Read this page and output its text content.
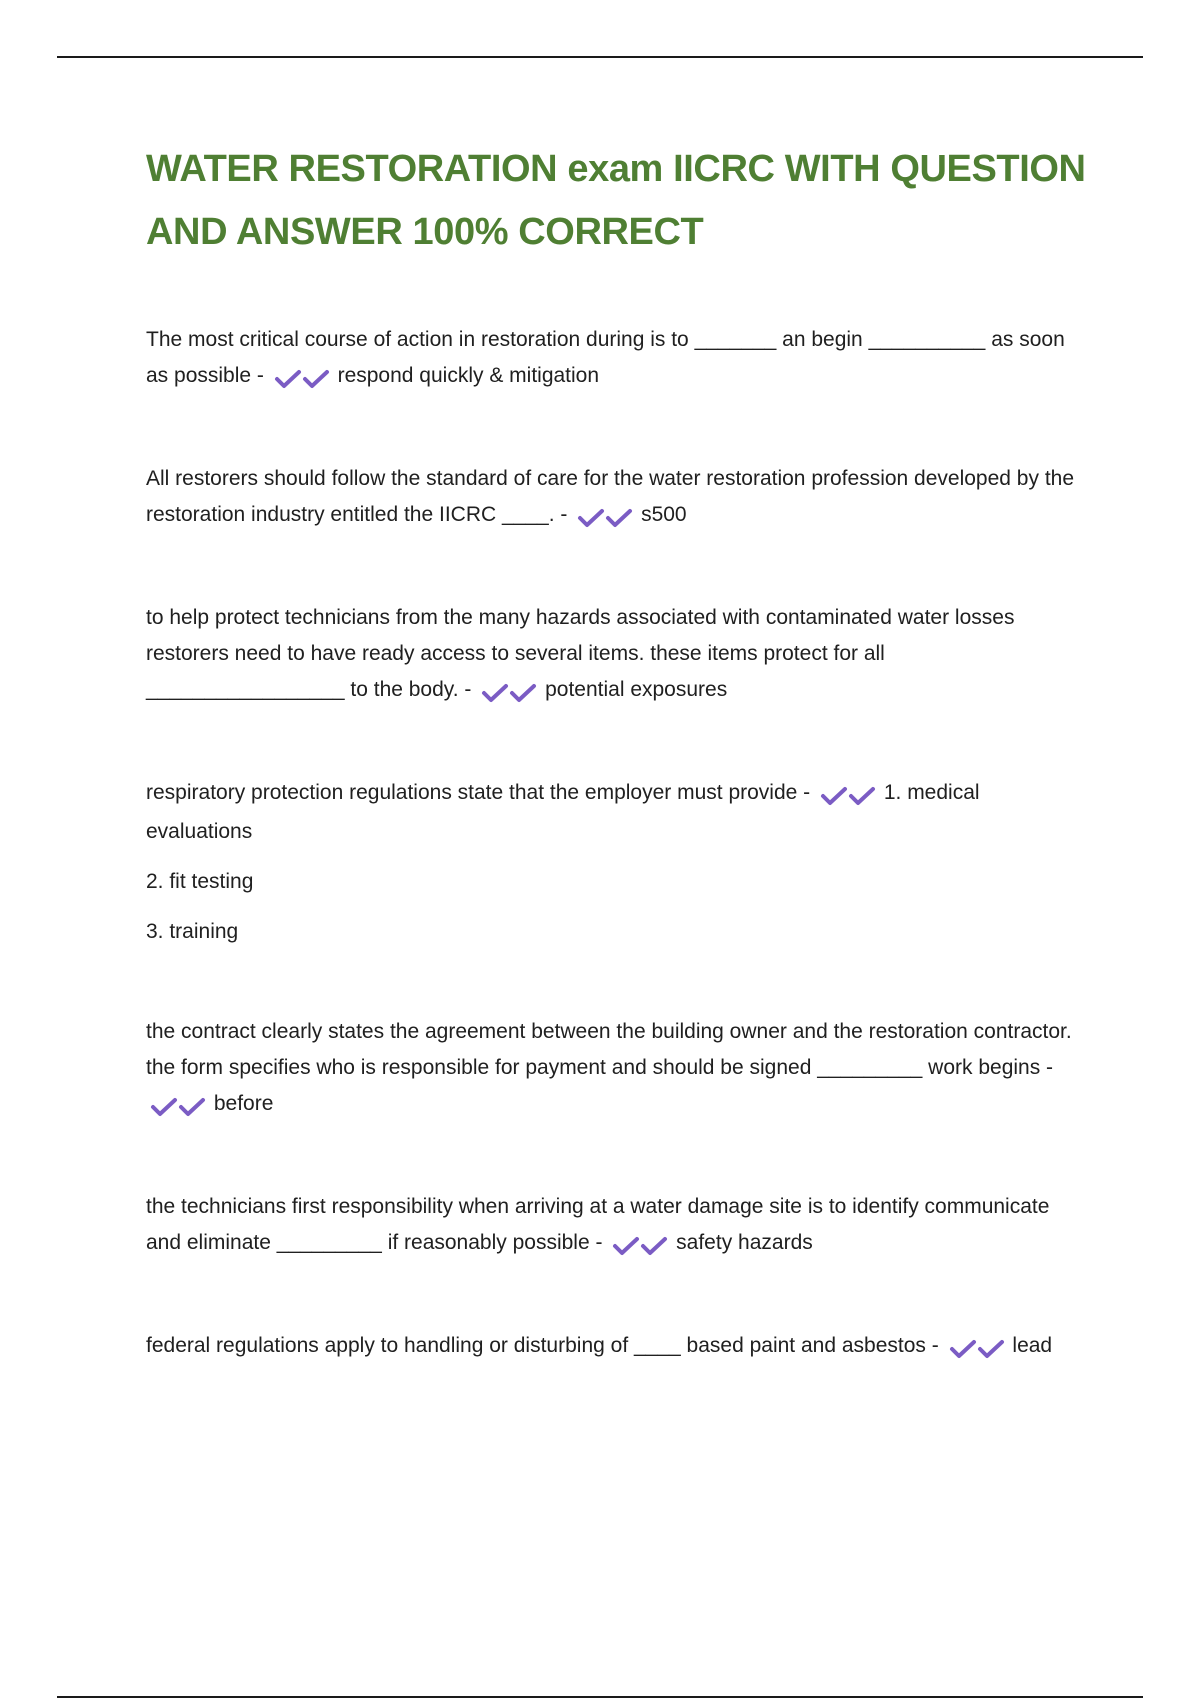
WATER RESTORATION exam IICRC WITH QUESTION AND ANSWER 100% CORRECT

The most critical course of action in restoration during is to _______ an begin __________ as soon as possible -	respond quickly & mitigation

All restorers should follow the standard of care for the water restoration profession developed by the restoration industry entitled the IICRC ____. -	s500

to help protect technicians from the many hazards associated with contaminated water losses restorers need to have ready access to several items. these items protect for all _________________ to the body. -	potential exposures

respiratory protection regulations state that the employer must provide -	1. medical evaluations

2. fit testing

3. training

the contract clearly states the agreement between the building owner and the restoration contractor. the form specifies who is responsible for payment and should be signed _________ work begins -
before

the technicians first responsibility when arriving at a water damage site is to identify communicate and eliminate _________ if reasonably possible -	safety hazards

federal regulations apply to handling or disturbing of ____ based paint and asbestos -	lead
